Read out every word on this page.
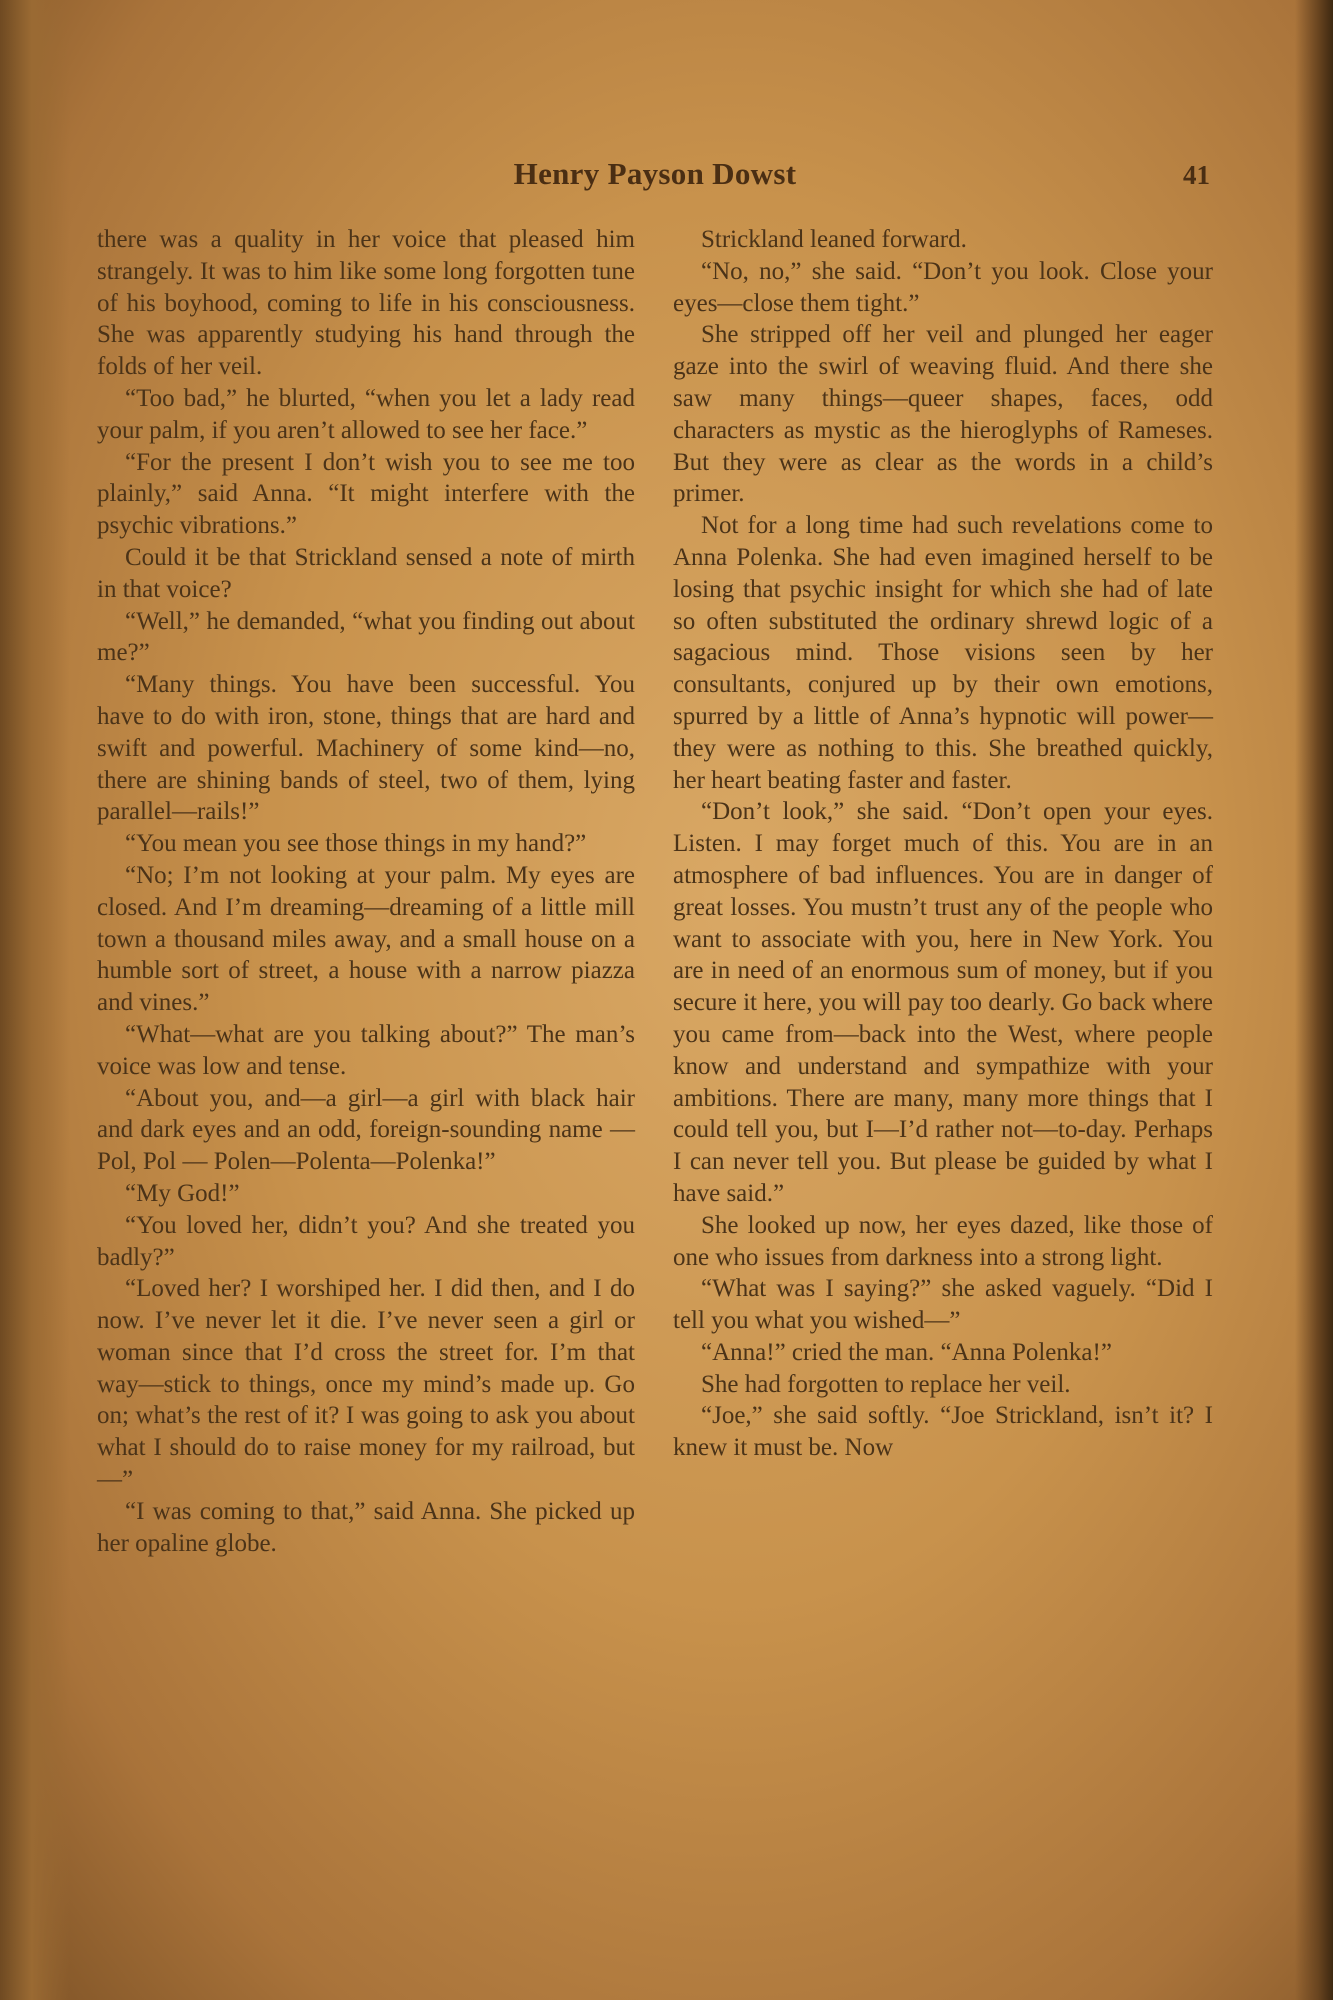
Henry Payson Dowst	41

there was a quality in her voice that pleased him strangely. It was to him like some long forgotten tune of his boyhood, coming to life in his consciousness. She was apparently studying his hand through the folds of her veil.

“Too bad,” he blurted, “when you let a lady read your palm, if you aren’t allowed to see her face.”

“For the present I don’t wish you to see me too plainly,” said Anna. “It might interfere with the psychic vibrations.”

Could it be that Strickland sensed a note of mirth in that voice?

“Well,” he demanded, “what you finding out about me?”

“Many things. You have been successful. You have to do with iron, stone, things that are hard and swift and powerful. Machinery of some kind—no, there are shining bands of steel, two of them, lying parallel—rails!”

“You mean you see those things in my hand?”

“No; I’m not looking at your palm. My eyes are closed. And I’m dreaming—dreaming of a little mill town a thousand miles away, and a small house on a humble sort of street, a house with a narrow piazza and vines.”

“What—what are you talking about?” The man’s voice was low and tense.

“About you, and—a girl—a girl with black hair and dark eyes and an odd, foreign-sounding name — Pol, Pol — Polen—Polenta—Polenka!”

“My God!”

“You loved her, didn’t you? And she treated you badly?”

“Loved her? I worshiped her. I did then, and I do now. I’ve never let it die. I’ve never seen a girl or woman since that I’d cross the street for. I’m that way—stick to things, once my mind’s made up. Go on; what’s the rest of it? I was going to ask you about what I should do to raise money for my railroad, but—”

“I was coming to that,” said Anna. She picked up her opaline globe.

Strickland leaned forward.

“No, no,” she said. “Don’t you look. Close your eyes—close them tight.”

She stripped off her veil and plunged her eager gaze into the swirl of weaving fluid. And there she saw many things—queer shapes, faces, odd characters as mystic as the hieroglyphs of Rameses. But they were as clear as the words in a child’s primer.

Not for a long time had such revelations come to Anna Polenka. She had even imagined herself to be losing that psychic insight for which she had of late so often substituted the ordinary shrewd logic of a sagacious mind. Those visions seen by her consultants, conjured up by their own emotions, spurred by a little of Anna’s hypnotic will power—they were as nothing to this. She breathed quickly, her heart beating faster and faster.

“Don’t look,” she said. “Don’t open your eyes. Listen. I may forget much of this. You are in an atmosphere of bad influences. You are in danger of great losses. You mustn’t trust any of the people who want to associate with you, here in New York. You are in need of an enormous sum of money, but if you secure it here, you will pay too dearly. Go back where you came from—back into the West, where people know and understand and sympathize with your ambitions. There are many, many more things that I could tell you, but I—I’d rather not—to-day. Perhaps I can never tell you. But please be guided by what I have said.”

She looked up now, her eyes dazed, like those of one who issues from darkness into a strong light.

“What was I saying?” she asked vaguely. “Did I tell you what you wished—”

“Anna!” cried the man. “Anna Polenka!”

She had forgotten to replace her veil.

“Joe,” she said softly. “Joe Strickland, isn’t it? I knew it must be. Now
